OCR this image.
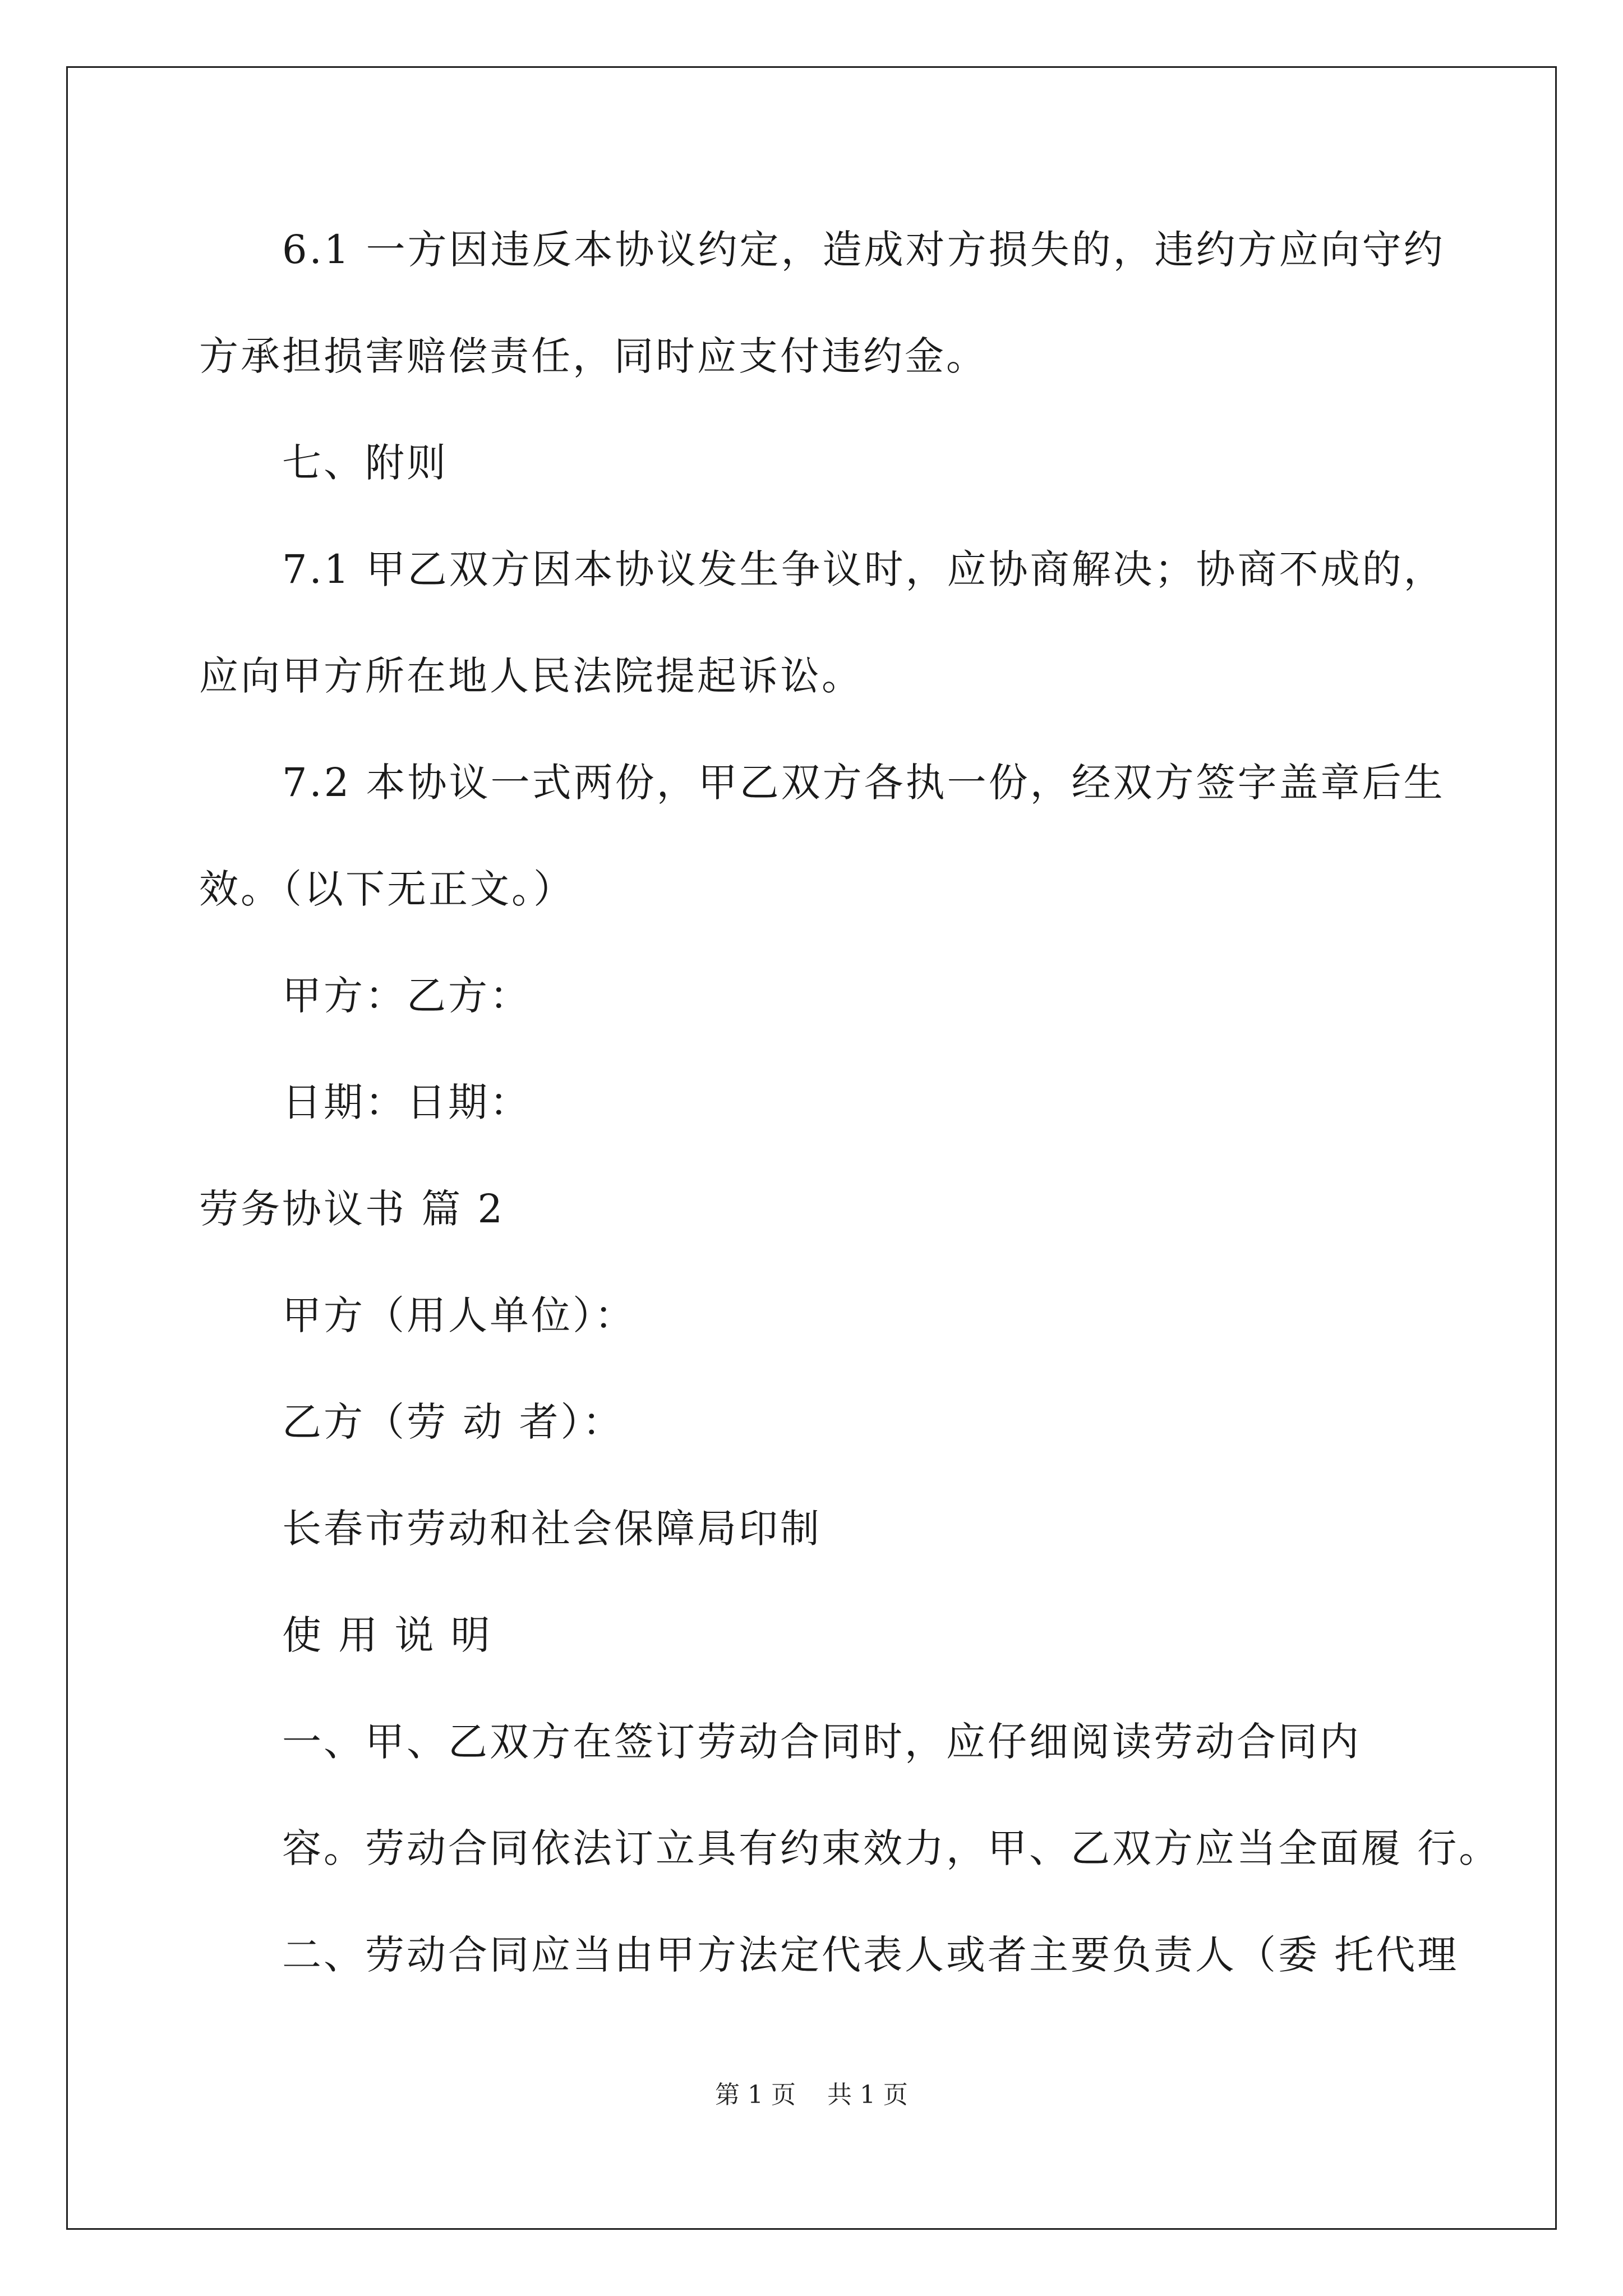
6.1 一方因违反本协议约定，造成对方损失的，违约方应向守约
方承担损害赔偿责任，同时应支付违约金。
七、附则
7.1 甲乙双方因本协议发生争议时，应协商解决；协商不成的，
应向甲方所在地人民法院提起诉讼。
7.2 本协议一式两份，甲乙双方各执一份，经双方签字盖章后生
效。（以下无正文。）
甲方：乙方：
日期：日期：
劳务协议书 篇 2
甲方（用人单位）：
乙方（劳 动 者）：
长春市劳动和社会保障局印制
使 用 说 明
一、甲、乙双方在签订劳动合同时，应仔细阅读劳动合同内
容。劳动合同依法订立具有约束效力，甲、乙双方应当全面履 行。
二、劳动合同应当由甲方法定代表人或者主要负责人（委 托代理
第 1 页    共 1 页
